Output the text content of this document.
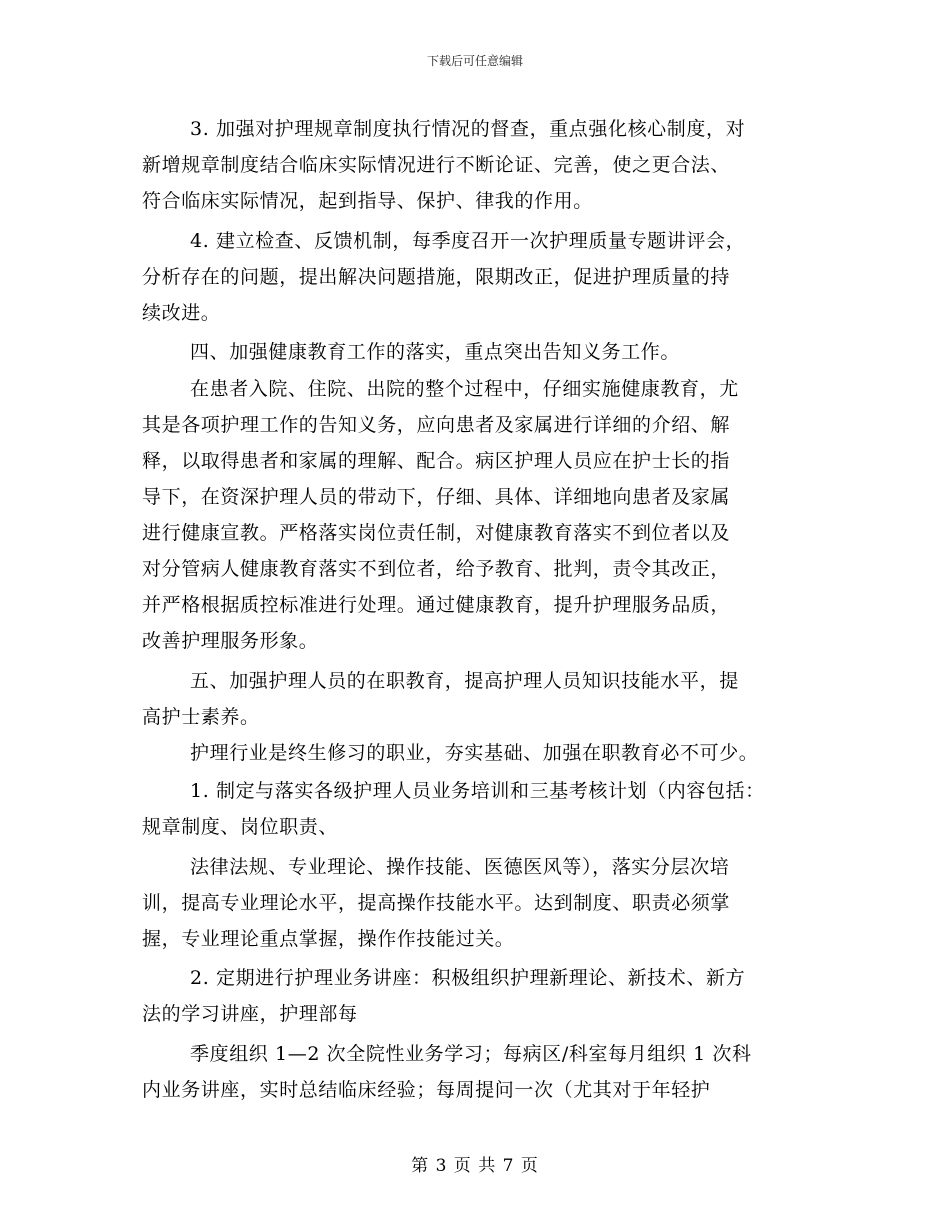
下载后可任意编辑
3. 加强对护理规章制度执行情况的督查，重点强化核心制度，对
新增规章制度结合临床实际情况进行不断论证、完善，使之更合法、
符合临床实际情况，起到指导、保护、律我的作用。
4. 建立检查、反馈机制，每季度召开一次护理质量专题讲评会，
分析存在的问题，提出解决问题措施，限期改正，促进护理质量的持
续改进。
四、加强健康教育工作的落实，重点突出告知义务工作。
在患者入院、住院、出院的整个过程中，仔细实施健康教育，尤
其是各项护理工作的告知义务，应向患者及家属进行详细的介绍、解
释，以取得患者和家属的理解、配合。病区护理人员应在护士长的指
导下，在资深护理人员的带动下，仔细、具体、详细地向患者及家属
进行健康宣教。严格落实岗位责任制，对健康教育落实不到位者以及
对分管病人健康教育落实不到位者，给予教育、批判，责令其改正，
并严格根据质控标准进行处理。通过健康教育，提升护理服务品质，
改善护理服务形象。
五、加强护理人员的在职教育，提高护理人员知识技能水平，提
高护士素养。
护理行业是终生修习的职业，夯实基础、加强在职教育必不可少。
1. 制定与落实各级护理人员业务培训和三基考核计划（内容包括：
规章制度、岗位职责、
法律法规、专业理论、操作技能、医德医风等），落实分层次培
训，提高专业理论水平，提高操作技能水平。达到制度、职责必须掌
握，专业理论重点掌握，操作作技能过关。
2. 定期进行护理业务讲座：积极组织护理新理论、新技术、新方
法的学习讲座，护理部每
季度组织 1—2 次全院性业务学习；每病区/科室每月组织 1 次科
内业务讲座，实时总结临床经验；每周提问一次（尤其对于年轻护
第 3 页 共 7 页
